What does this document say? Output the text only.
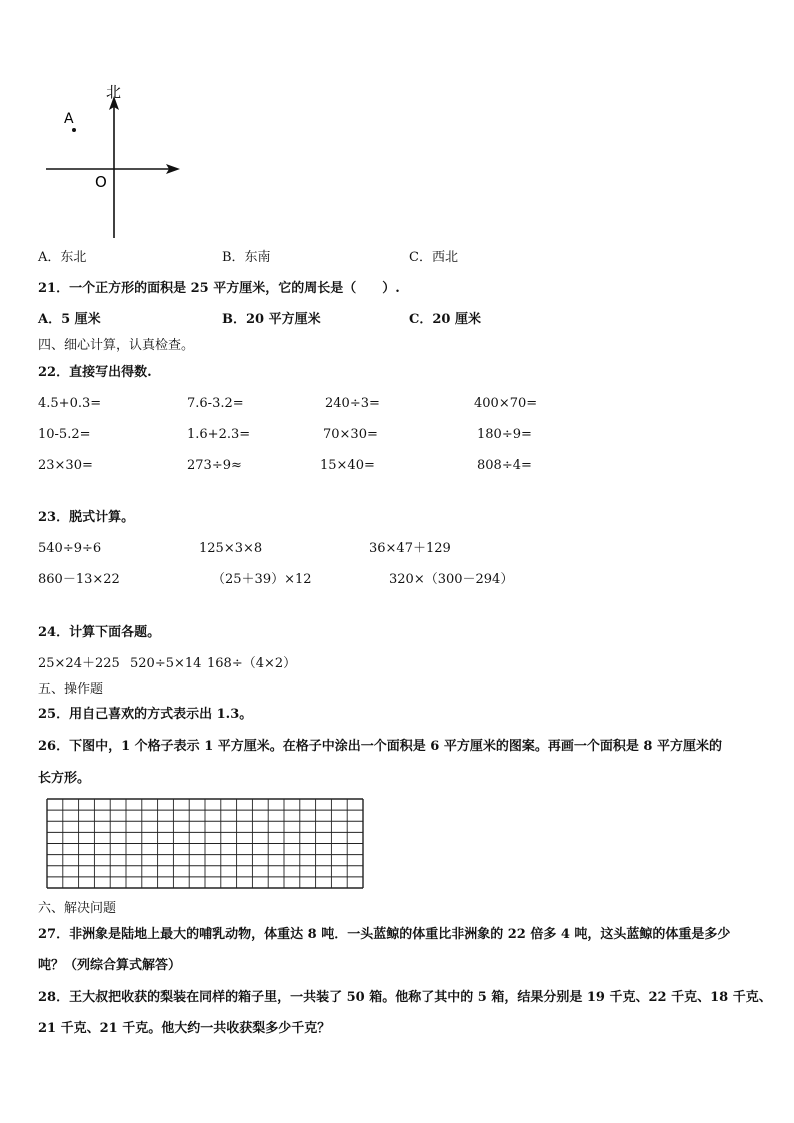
北
A
O
A．东北	B．东南	C．西北
21．一个正方形的面积是 25 平方厘米，它的周长是（　　）.
A．5 厘米	B．20 平方厘米	C．20 厘米
四、细心计算，认真检查。
22．直接写出得数.
4.5+0.3=	7.6-3.2=	240÷3=	400×70=
10-5.2=	1.6+2.3=	70×30=	180÷9=
23×30=	273÷9≈	15×40=	808÷4=
23．脱式计算。
540÷9÷6	125×3×8	36×47＋129
860－13×22	（25＋39）×12	320×（300－294）
24．计算下面各题。
25×24＋225 520÷5×14 168÷（4×2）
五、操作题
25．用自己喜欢的方式表示出 1.3。
26．下图中，1 个格子表示 1 平方厘米。在格子中涂出一个面积是 6 平方厘米的图案。再画一个面积是 8 平方厘米的
长方形。
六、解决问题
27．非洲象是陆地上最大的哺乳动物，体重达 8 吨．一头蓝鲸的体重比非洲象的 22 倍多 4 吨，这头蓝鲸的体重是多少
吨？（列综合算式解答）
28．王大叔把收获的梨装在同样的箱子里，一共装了 50 箱。他称了其中的 5 箱，结果分别是 19 千克、22 千克、18 千克、
21 千克、21 千克。他大约一共收获梨多少千克？
